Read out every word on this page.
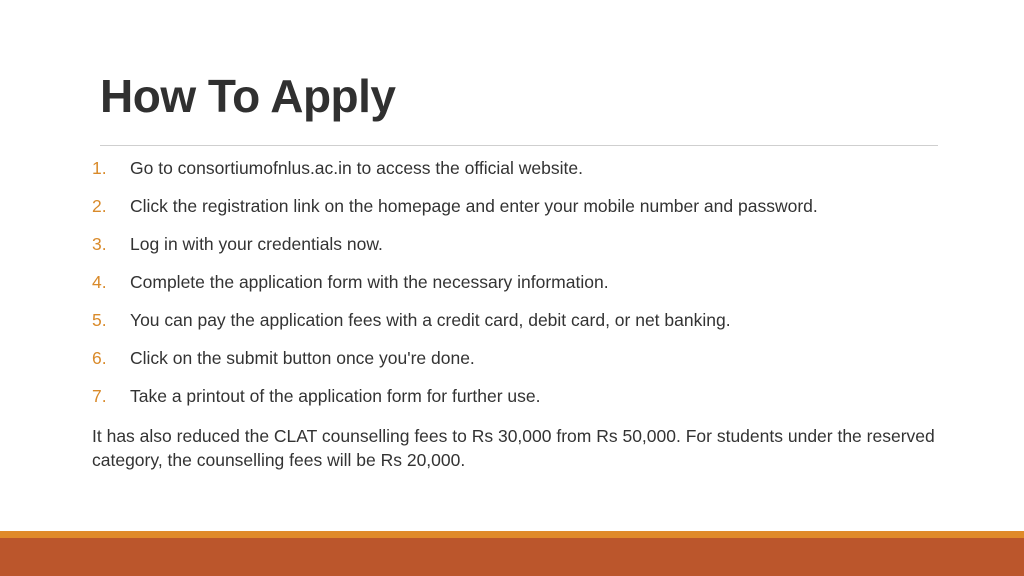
How To Apply
1.	Go to consortiumofnlus.ac.in to access the official website.
2.	Click the registration link on the homepage and enter your mobile number and password.
3.	Log in with your credentials now.
4.	Complete the application form with the necessary information.
5.	You can pay the application fees with a credit card, debit card, or net banking.
6.	Click on the submit button once you're done.
7.	Take a printout of the application form for further use.

It has also reduced the CLAT counselling fees to Rs 30,000 from Rs 50,000. For students under the reserved category, the counselling fees will be Rs 20,000.
